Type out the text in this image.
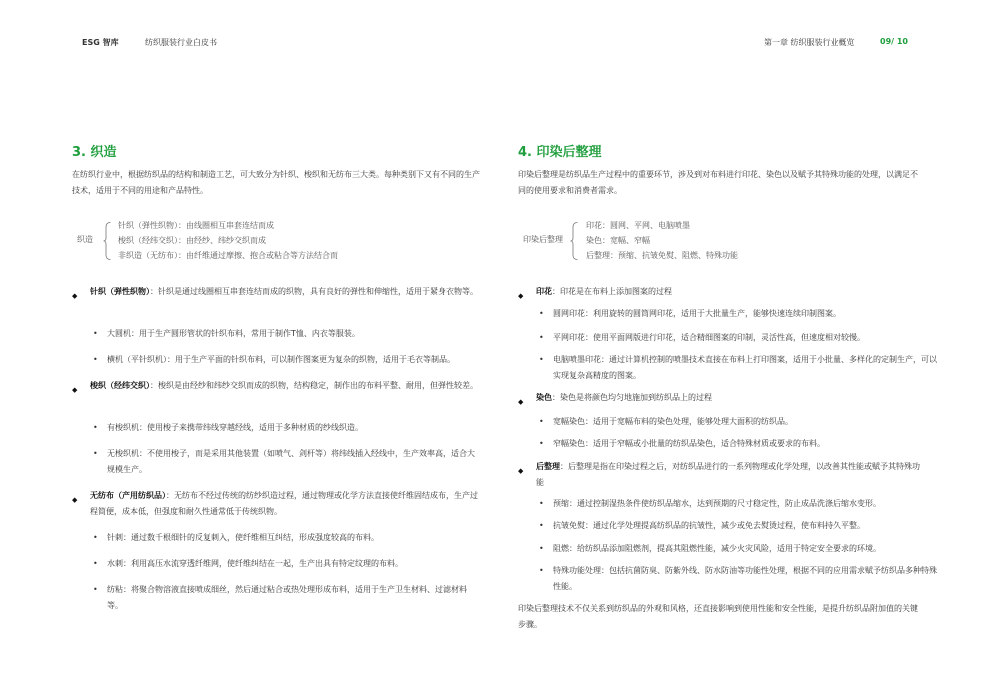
ESG 智库	纺织服装行业白皮书	第一章 纺织服装行业概览	09/ 10
3. 织造

在纺织行业中，根据纺织品的结构和制造工艺，可大致分为针织、梭织和无纺布三大类。每种类别下又有不同的生产技术，适用于不同的用途和产品特性。

织造
针织（弹性织物）：由线圈相互串套连结而成
梭织（经纬交织）：由经纱、纬纱交织而成
非织造（无纺布）：由纤维通过摩擦、抱合或粘合等方法结合而
◆ 针织（弹性织物）：针织是通过线圈相互串套连结而成的织物，具有良好的弹性和伸缩性，适用于紧身衣物等。
• 大圆机：用于生产圆形管状的针织布料，常用于制作T恤、内衣等服装。
• 横机（平针织机）：用于生产平面的针织布料，可以制作图案更为复杂的织物，适用于毛衣等制品。
◆ 梭织（经纬交织）：梭织是由经纱和纬纱交织而成的织物，结构稳定，制作出的布料平整、耐用，但弹性较差。
• 有梭织机：使用梭子来携带纬线穿越经线，适用于多种材质的纱线织造。
• 无梭织机：不使用梭子，而是采用其他装置（如喷气、剑杆等）将纬线插入经线中，生产效率高，适合大规模生产。
◆ 无纺布（产用纺织品）：无纺布不经过传统的纺纱织造过程，通过物理或化学方法直接使纤维固结成布，生产过程简便，成本低，但强度和耐久性通常低于传统织物。
• 针刺：通过数千根细针的反复刺入，使纤维相互纠结，形成强度较高的布料。
• 水刺：利用高压水流穿透纤维网，使纤维纠结在一起，生产出具有特定纹理的布料。
• 纺粘：将聚合物溶液直接喷成细丝，然后通过粘合或热处理形成布料，适用于生产卫生材料、过滤材料等。
4. 印染后整理

印染后整理是纺织品生产过程中的重要环节，涉及到对布料进行印花、染色以及赋予其特殊功能的处理，以满足不同的使用要求和消费者需求。

印染后整理
印花：圆网、平网、电脑喷墨
染色：宽幅、窄幅
后整理：预缩、抗皱免熨、阻燃、特殊功能
◆ 印花：印花是在布料上添加图案的过程
• 圆网印花：利用旋转的圆筒网印花，适用于大批量生产，能够快速连续印制图案。
• 平网印花：使用平面网版进行印花，适合精细图案的印制，灵活性高，但速度相对较慢。
• 电脑喷墨印花：通过计算机控制的喷墨技术直接在布料上打印图案，适用于小批量、多样化的定制生产，可以实现复杂高精度的图案。
◆ 染色：染色是将颜色均匀地施加到纺织品上的过程
• 宽幅染色：适用于宽幅布料的染色处理，能够处理大面积的纺织品。
• 窄幅染色：适用于窄幅或小批量的纺织品染色，适合特殊材质或要求的布料。
◆ 后整理：后整理是指在印染过程之后，对纺织品进行的一系列物理或化学处理，以改善其性能或赋予其特殊功能
• 预缩：通过控制湿热条件使纺织品缩水，达到预期的尺寸稳定性，防止成品洗涤后缩水变形。
• 抗皱免熨：通过化学处理提高纺织品的抗皱性，减少或免去熨烫过程，使布料持久平整。
• 阻燃：给纺织品添加阻燃剂，提高其阻燃性能，减少火灾风险，适用于特定安全要求的环境。
• 特殊功能处理：包括抗菌防臭、防紫外线、防水防油等功能性处理，根据不同的应用需求赋予纺织品多种特殊性能。

印染后整理技术不仅关系到纺织品的外观和风格，还直接影响到使用性能和安全性能，是提升纺织品附加值的关键步骤。
